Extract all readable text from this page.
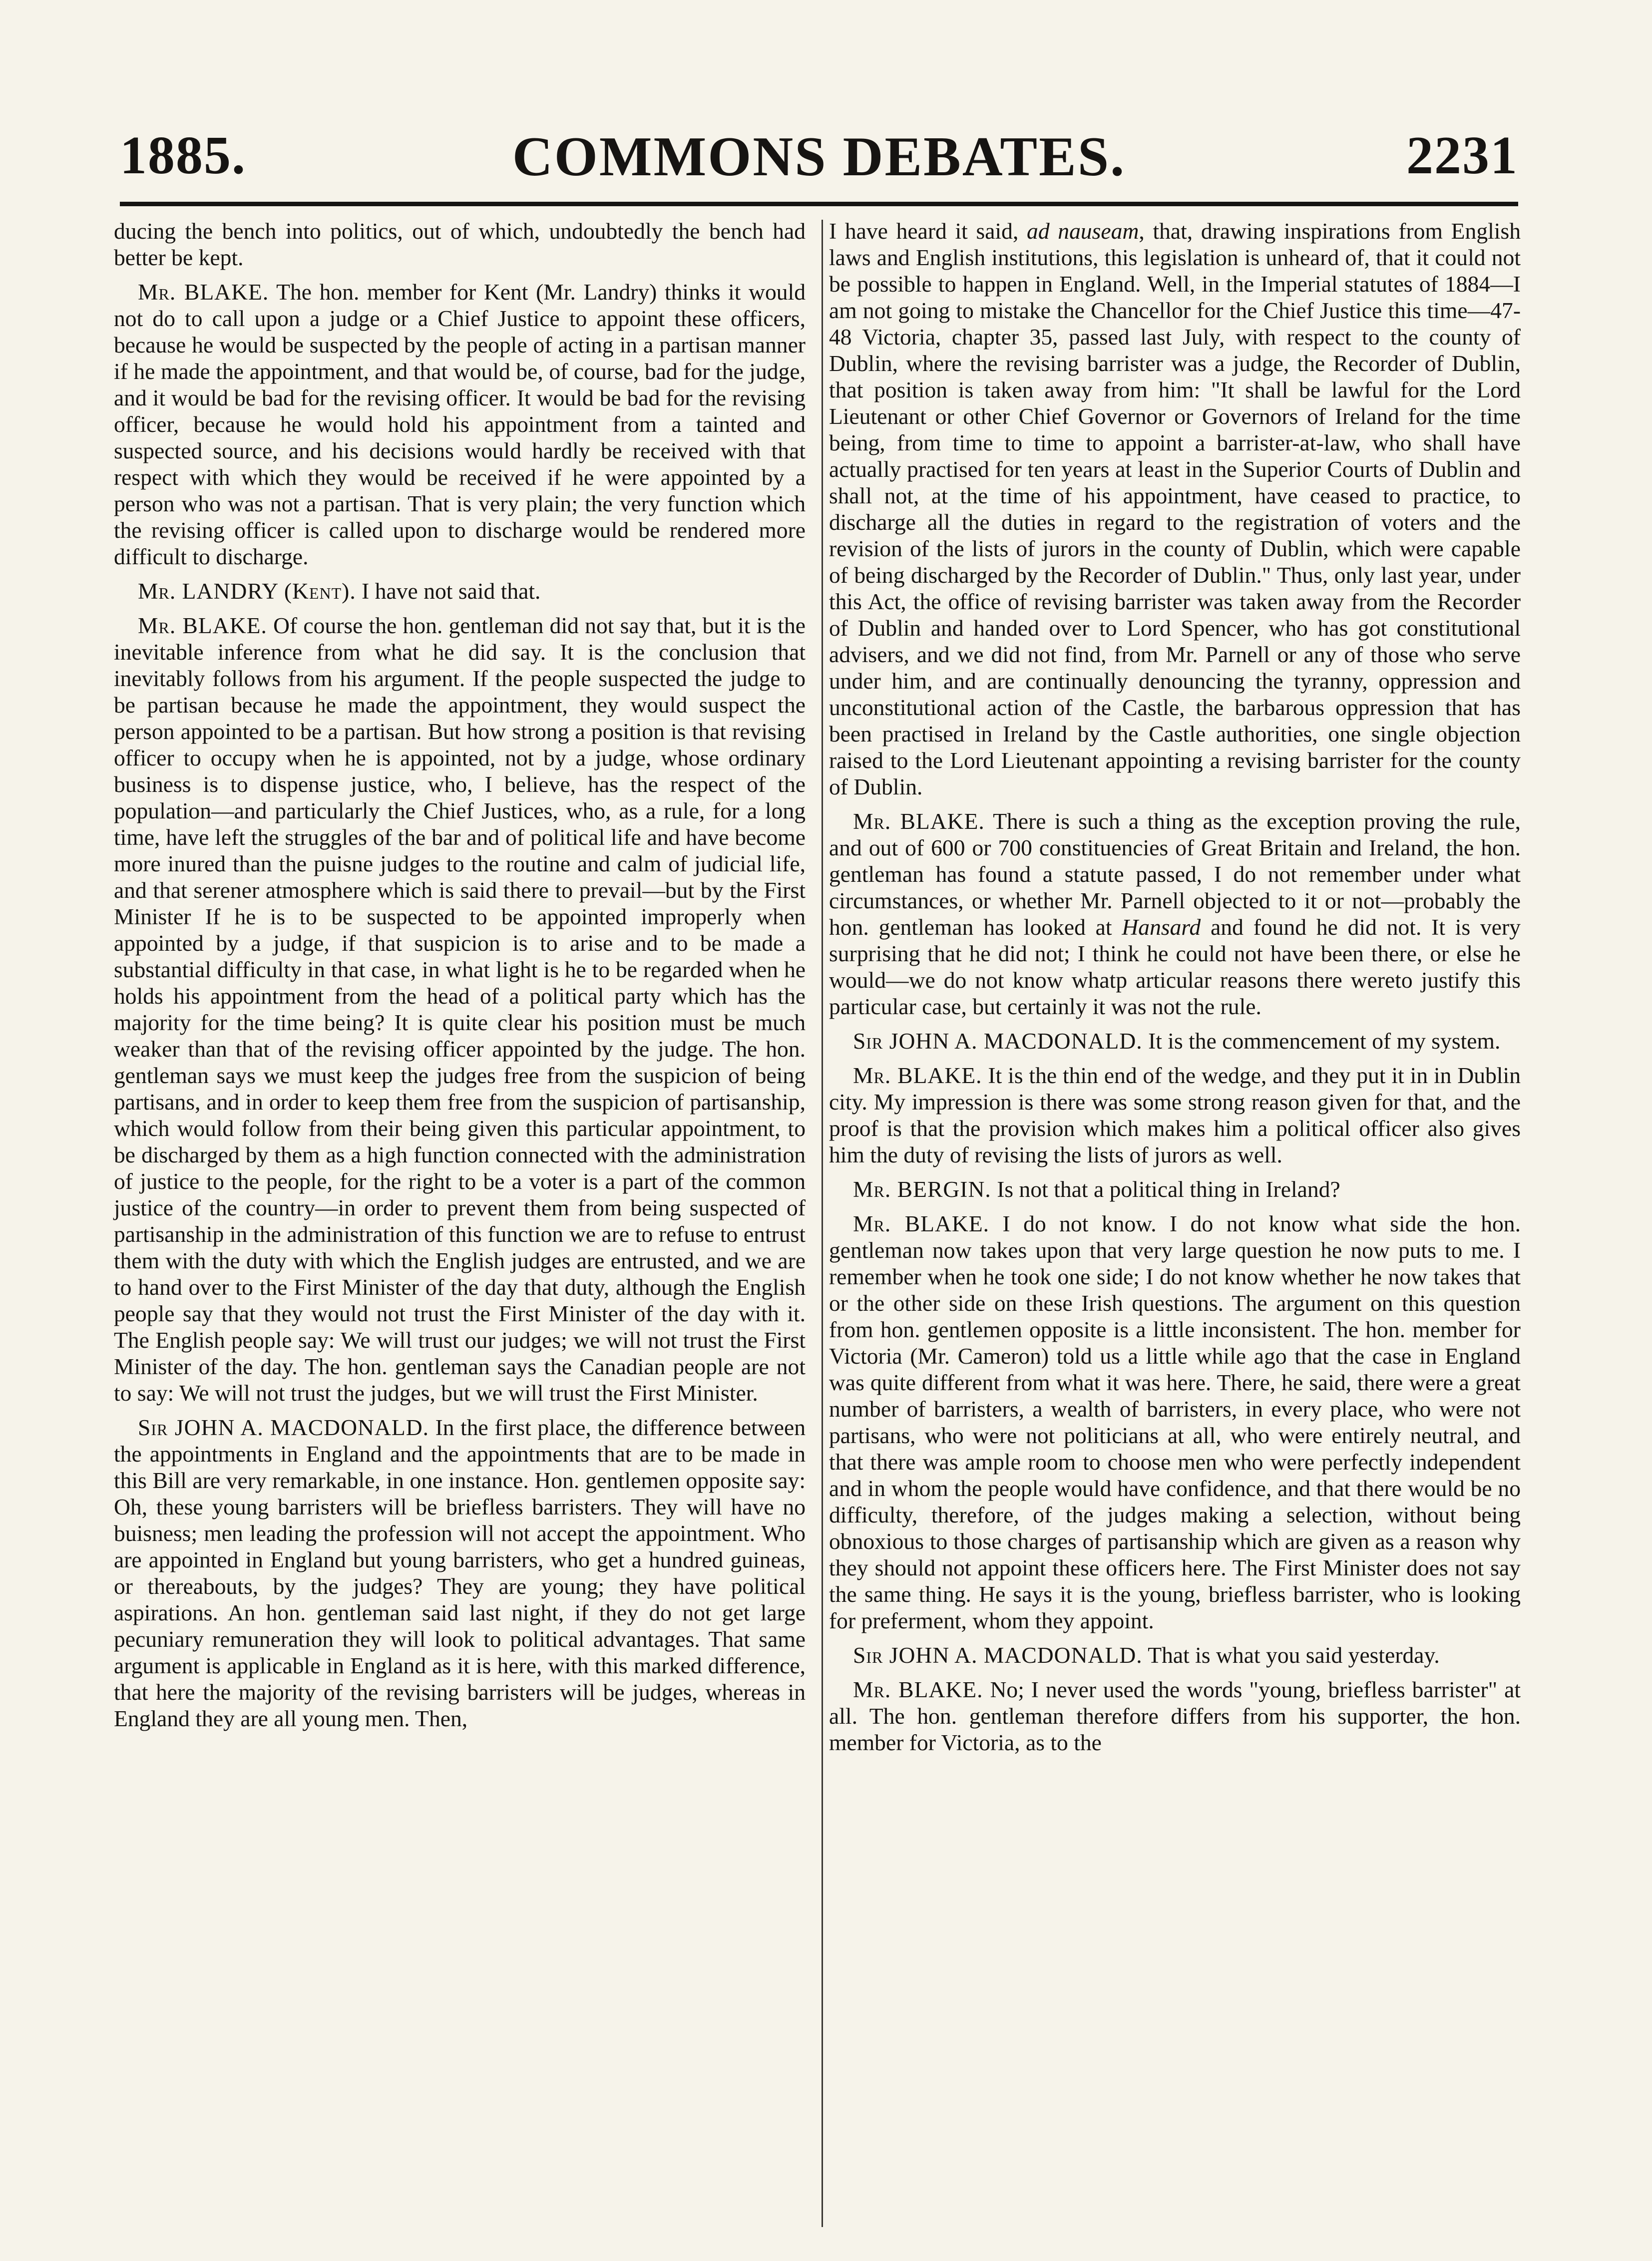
COMMONS DEBATES.
1885.	2231

ducing the bench into politics, out of which, undoubtedly the bench had better be kept.

Mr. BLAKE. The hon. member for Kent (Mr. Landry) thinks it would not do to call upon a judge or a Chief Justice to appoint these officers, because he would be suspected by the people of acting in a partisan manner if he made the appointment, and that would be, of course, bad for the judge, and it would be bad for the revising officer. It would be bad for the revising officer, because he would hold his appointment from a tainted and suspected source, and his decisions would hardly be received with that respect with which they would be received if he were appointed by a person who was not a partisan. That is very plain; the very function which the revising officer is called upon to discharge would be rendered more difficult to discharge.

Mr. LANDRY (Kent). I have not said that.

Mr. BLAKE. Of course the hon. gentleman did not say that, but it is the inevitable inference from what he did say. It is the conclusion that inevitably follows from his argument. If the people suspected the judge to be partisan because he made the appointment, they would suspect the person appointed to be a partisan. But how strong a position is that revising officer to occupy when he is appointed, not by a judge, whose ordinary business is to dispense justice, who, I believe, has the respect of the population—and particularly the Chief Justices, who, as a rule, for a long time, have left the struggles of the bar and of political life and have become more inured than the puisne judges to the routine and calm of judicial life, and that serener atmosphere which is said there to prevail—but by the First Minister If he is to be suspected to be appointed improperly when appointed by a judge, if that suspicion is to arise and to be made a substantial difficulty in that case, in what light is he to be regarded when he holds his appointment from the head of a political party which has the majority for the time being? It is quite clear his position must be much weaker than that of the revising officer appointed by the judge. The hon. gentleman says we must keep the judges free from the suspicion of being partisans, and in order to keep them free from the suspicion of partisanship, which would follow from their being given this particular appointment, to be discharged by them as a high function connected with the administration of justice to the people, for the right to be a voter is a part of the common justice of the country—in order to prevent them from being suspected of partisanship in the administration of this function we are to refuse to entrust them with the duty with which the English judges are entrusted, and we are to hand over to the First Minister of the day that duty, although the English people say that they would not trust the First Minister of the day with it. The English people say: We will trust our judges; we will not trust the First Minister of the day. The hon. gentleman says the Canadian people are not to say: We will not trust the judges, but we will trust the First Minister.

Sir JOHN A. MACDONALD. In the first place, the difference between the appointments in England and the appointments that are to be made in this Bill are very remarkable, in one instance. Hon. gentlemen opposite say: Oh, these young barristers will be briefless barristers. They will have no buisness; men leading the profession will not accept the appointment. Who are appointed in England but young barristers, who get a hundred guineas, or thereabouts, by the judges? They are young; they have political aspirations. An hon. gentleman said last night, if they do not get large pecuniary remuneration they will look to political advantages. That same argument is applicable in England as it is here, with this marked difference, that here the majority of the revising barristers will be judges, whereas in England they are all young men. Then,

I have heard it said, ad nauseam, that, drawing inspirations from English laws and English institutions, this legislation is unheard of, that it could not be possible to happen in England. Well, in the Imperial statutes of 1884—I am not going to mistake the Chancellor for the Chief Justice this time—47-48 Victoria, chapter 35, passed last July, with respect to the county of Dublin, where the revising barrister was a judge, the Recorder of Dublin, that position is taken away from him: "It shall be lawful for the Lord Lieutenant or other Chief Governor or Governors of Ireland for the time being, from time to time to appoint a barrister-at-law, who shall have actually practised for ten years at least in the Superior Courts of Dublin and shall not, at the time of his appointment, have ceased to practice, to discharge all the duties in regard to the registration of voters and the revision of the lists of jurors in the county of Dublin, which were capable of being discharged by the Recorder of Dublin." Thus, only last year, under this Act, the office of revising barrister was taken away from the Recorder of Dublin and handed over to Lord Spencer, who has got constitutional advisers, and we did not find, from Mr. Parnell or any of those who serve under him, and are continually denouncing the tyranny, oppression and unconstitutional action of the Castle, the barbarous oppression that has been practised in Ireland by the Castle authorities, one single objection raised to the Lord Lieutenant appointing a revising barrister for the county of Dublin.

Mr. BLAKE. There is such a thing as the exception proving the rule, and out of 600 or 700 constituencies of Great Britain and Ireland, the hon. gentleman has found a statute passed, I do not remember under what circumstances, or whether Mr. Parnell objected to it or not—probably the hon. gentleman has looked at Hansard and found he did not. It is very surprising that he did not; I think he could not have been there, or else he would—we do not know whatp articular reasons there wereto justify this particular case, but certainly it was not the rule.

Sir JOHN A. MACDONALD. It is the commencement of my system.

Mr. BLAKE. It is the thin end of the wedge, and they put it in in Dublin city. My impression is there was some strong reason given for that, and the proof is that the provision which makes him a political officer also gives him the duty of revising the lists of jurors as well.

Mr. BERGIN. Is not that a political thing in Ireland?

Mr. BLAKE. I do not know. I do not know what side the hon. gentleman now takes upon that very large question he now puts to me. I remember when he took one side; I do not know whether he now takes that or the other side on these Irish questions. The argument on this question from hon. gentlemen opposite is a little inconsistent. The hon. member for Victoria (Mr. Cameron) told us a little while ago that the case in England was quite different from what it was here. There, he said, there were a great number of barristers, a wealth of barristers, in every place, who were not partisans, who were not politicians at all, who were entirely neutral, and that there was ample room to choose men who were perfectly independent and in whom the people would have confidence, and that there would be no difficulty, therefore, of the judges making a selection, without being obnoxious to those charges of partisanship which are given as a reason why they should not appoint these officers here. The First Minister does not say the same thing. He says it is the young, briefless barrister, who is looking for preferment, whom they appoint.

Sir JOHN A. MACDONALD. That is what you said yesterday.

Mr. BLAKE. No; I never used the words "young, briefless barrister" at all. The hon. gentleman therefore differs from his supporter, the hon. member for Victoria, as to the
